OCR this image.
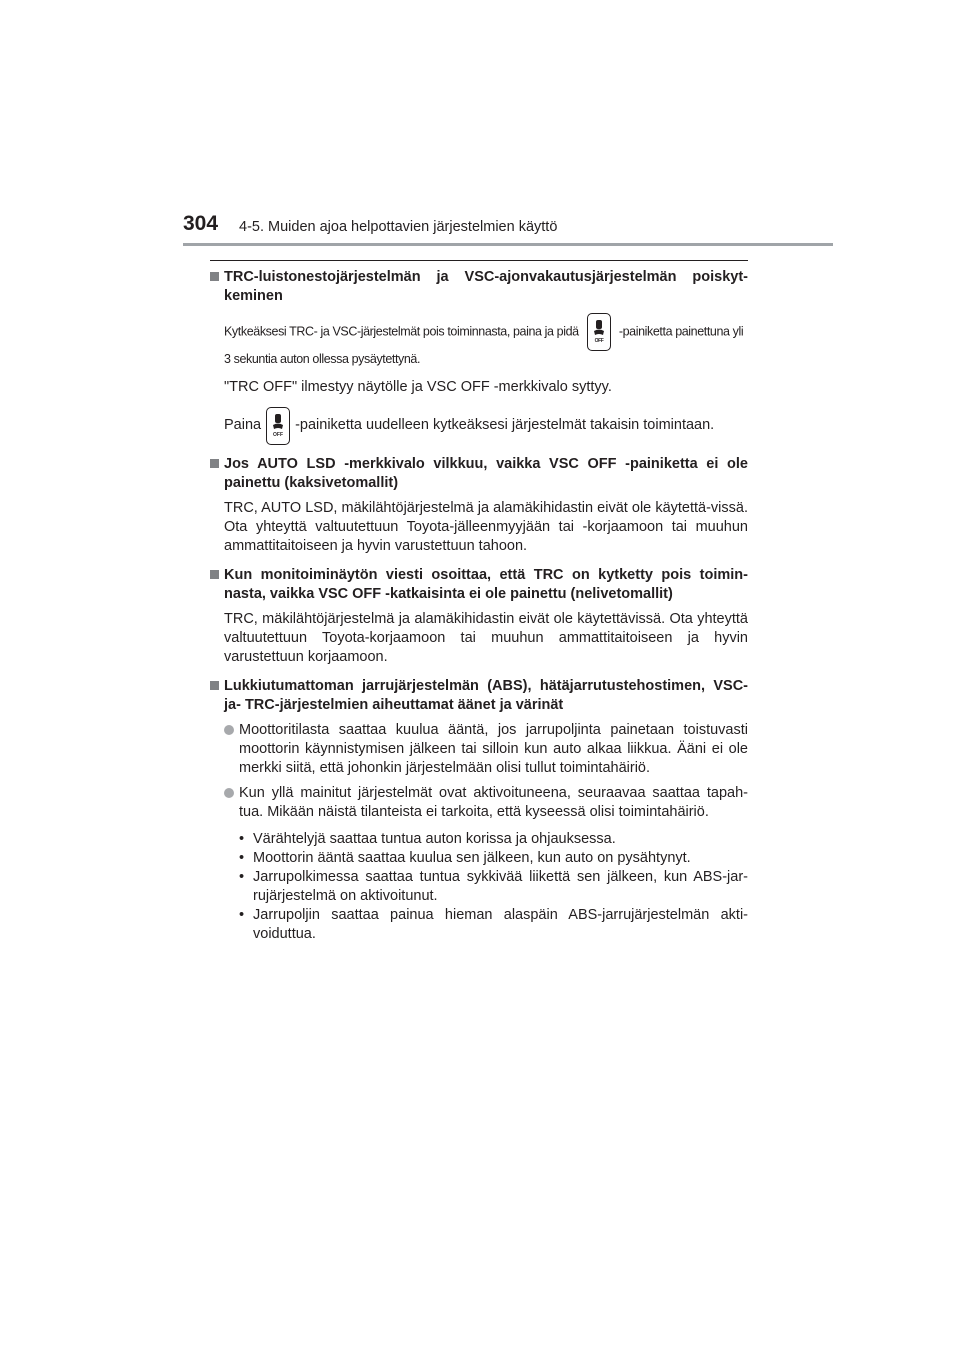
304 4-5. Muiden ajoa helpottavien järjestelmien käyttö
TRC-luistonestojärjestelmän ja VSC-ajonvakautusjärjestelmän poiskyt-keminen
Kytkeäksesi TRC- ja VSC-järjestelmät pois toiminnasta, paina ja pidä
OFF
-painiketta painettuna yli 3 sekuntia auton ollessa pysäytettynä.
"TRC OFF" ilmestyy näytölle ja VSC OFF -merkkivalo syttyy.
Paina
OFF
-painiketta uudelleen kytkeäksesi järjestelmät takaisin toimintaan.
Jos AUTO LSD -merkkivalo vilkkuu, vaikka VSC OFF -painiketta ei ole painettu (kaksivetomallit)
TRC, AUTO LSD, mäkilähtöjärjestelmä ja alamäkihidastin eivät ole käytettä-vissä. Ota yhteyttä valtuutettuun Toyota-jälleenmyyjään tai -korjaamoon tai muuhun ammattitaitoiseen ja hyvin varustettuun tahoon.
Kun monitoiminäytön viesti osoittaa, että TRC on kytketty pois toimin-nasta, vaikka VSC OFF -katkaisinta ei ole painettu (nelivetomallit)
TRC, mäkilähtöjärjestelmä ja alamäkihidastin eivät ole käytettävissä. Ota yhteyttä valtuutettuun Toyota-korjaamoon tai muuhun ammattitaitoiseen ja hyvin varustettuun korjaamoon.
Lukkiutumattoman jarrujärjestelmän (ABS), hätäjarrutustehostimen, VSC- ja- TRC-järjestelmien aiheuttamat äänet ja värinät
Moottoritilasta saattaa kuulua ääntä, jos jarrupoljinta painetaan toistuvasti moottorin käynnistymisen jälkeen tai silloin kun auto alkaa liikkua. Ääni ei ole merkki siitä, että johonkin järjestelmään olisi tullut toimintahäiriö.
Kun yllä mainitut järjestelmät ovat aktivoituneena, seuraavaa saattaa tapah-tua. Mikään näistä tilanteista ei tarkoita, että kyseessä olisi toimintahäiriö.
• Värähtelyjä saattaa tuntua auton korissa ja ohjauksessa.
• Moottorin ääntä saattaa kuulua sen jälkeen, kun auto on pysähtynyt.
• Jarrupolkimessa saattaa tuntua sykkivää liikettä sen jälkeen, kun ABS-jar-rujärjestelmä on aktivoitunut.
• Jarrupoljin saattaa painua hieman alaspäin ABS-jarrujärjestelmän akti-voiduttua.
